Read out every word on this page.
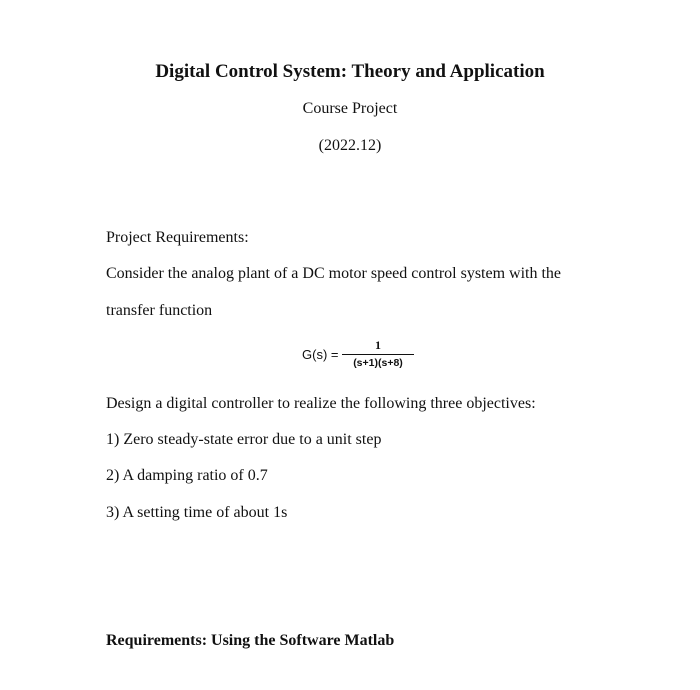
Digital Control System: Theory and Application
Course Project
(2022.12)
Project Requirements:
Consider the analog plant of a DC motor speed control system with the
transfer function
G(s) =
1
(s+1)(s+8)
Design a digital controller to realize the following three objectives:
1) Zero steady-state error due to a unit step
2) A damping ratio of 0.7
3) A setting time of about 1s
Requirements: Using the Software Matlab
